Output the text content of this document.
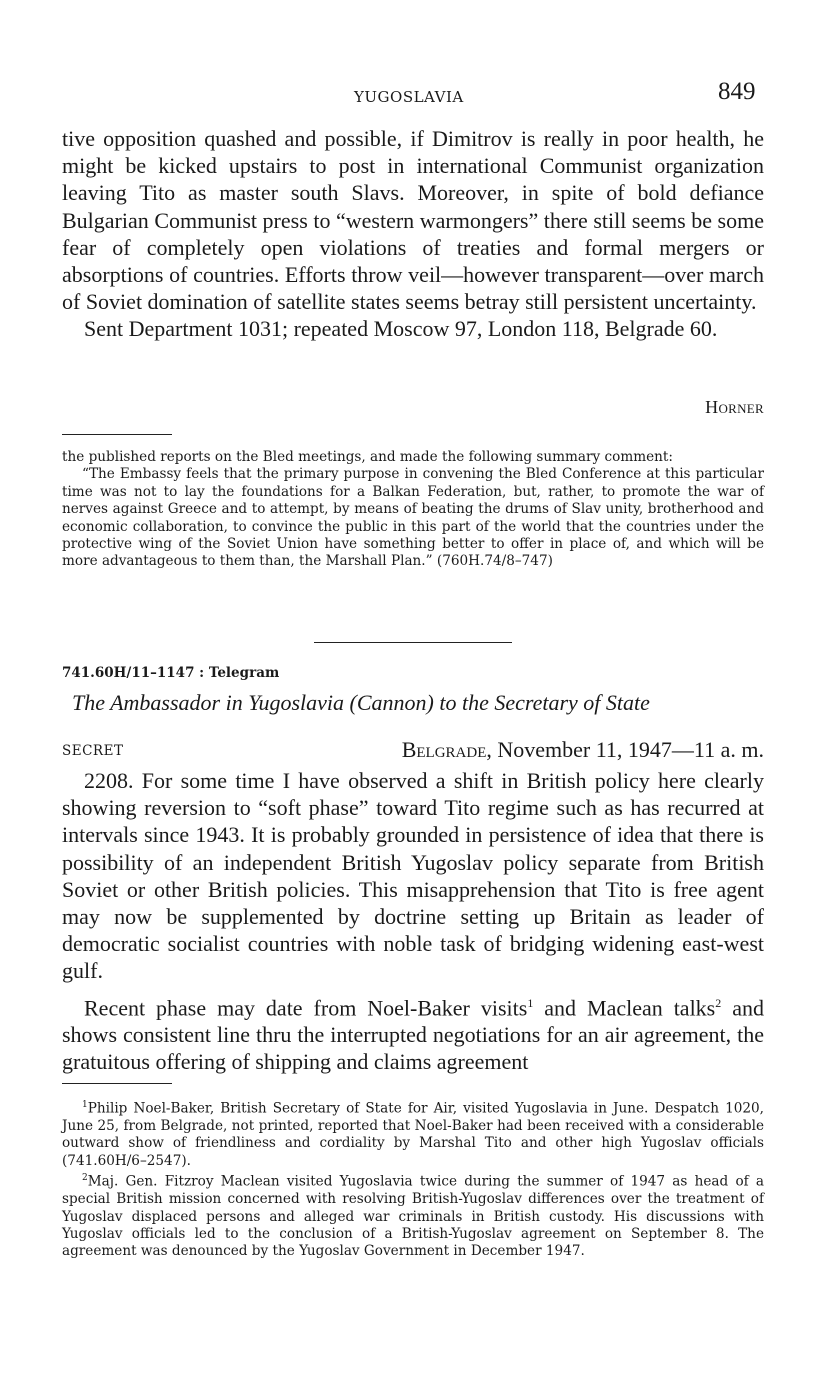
YUGOSLAVIA	849

tive opposition quashed and possible, if Dimitrov is really in poor health, he might be kicked upstairs to post in international Communist organization leaving Tito as master south Slavs. Moreover, in spite of bold defiance Bulgarian Communist press to “western warmongers” there still seems be some fear of completely open violations of treaties and formal mergers or absorptions of countries. Efforts throw veil—however transparent—over march of Soviet domination of satellite states seems betray still persistent uncertainty.

Sent Department 1031; repeated Moscow 97, London 118, Belgrade 60.

Horner

the published reports on the Bled meetings, and made the following summary comment:

“The Embassy feels that the primary purpose in convening the Bled Conference at this particular time was not to lay the foundations for a Balkan Federation, but, rather, to promote the war of nerves against Greece and to attempt, by means of beating the drums of Slav unity, brotherhood and economic collaboration, to convince the public in this part of the world that the countries under the protective wing of the Soviet Union have something better to offer in place of, and which will be more advantageous to them than, the Marshall Plan.” (760H.74/8–747)

741.60H/11–1147 : Telegram
The Ambassador in Yugoslavia (Cannon) to the Secretary of State
SECRET	Belgrade, November 11, 1947—11 a. m.

2208. For some time I have observed a shift in British policy here clearly showing reversion to “soft phase” toward Tito regime such as has recurred at intervals since 1943. It is probably grounded in persistence of idea that there is possibility of an independent British Yugoslav policy separate from British Soviet or other British policies. This misapprehension that Tito is free agent may now be supplemented by doctrine setting up Britain as leader of democratic socialist countries with noble task of bridging widening east-west gulf.

Recent phase may date from Noel-Baker visits$^1$ and Maclean talks$^2$ and shows consistent line thru the interrupted negotiations for an air agreement, the gratuitous offering of shipping and claims agreement

$^1$Philip Noel-Baker, British Secretary of State for Air, visited Yugoslavia in June. Despatch 1020, June 25, from Belgrade, not printed, reported that Noel-Baker had been received with a considerable outward show of friendliness and cordiality by Marshal Tito and other high Yugoslav officials (741.60H/6–2547).

$^2$Maj. Gen. Fitzroy Maclean visited Yugoslavia twice during the summer of 1947 as head of a special British mission concerned with resolving British-Yugoslav differences over the treatment of Yugoslav displaced persons and alleged war criminals in British custody. His discussions with Yugoslav officials led to the conclusion of a British-Yugoslav agreement on September 8. The agreement was denounced by the Yugoslav Government in December 1947.
